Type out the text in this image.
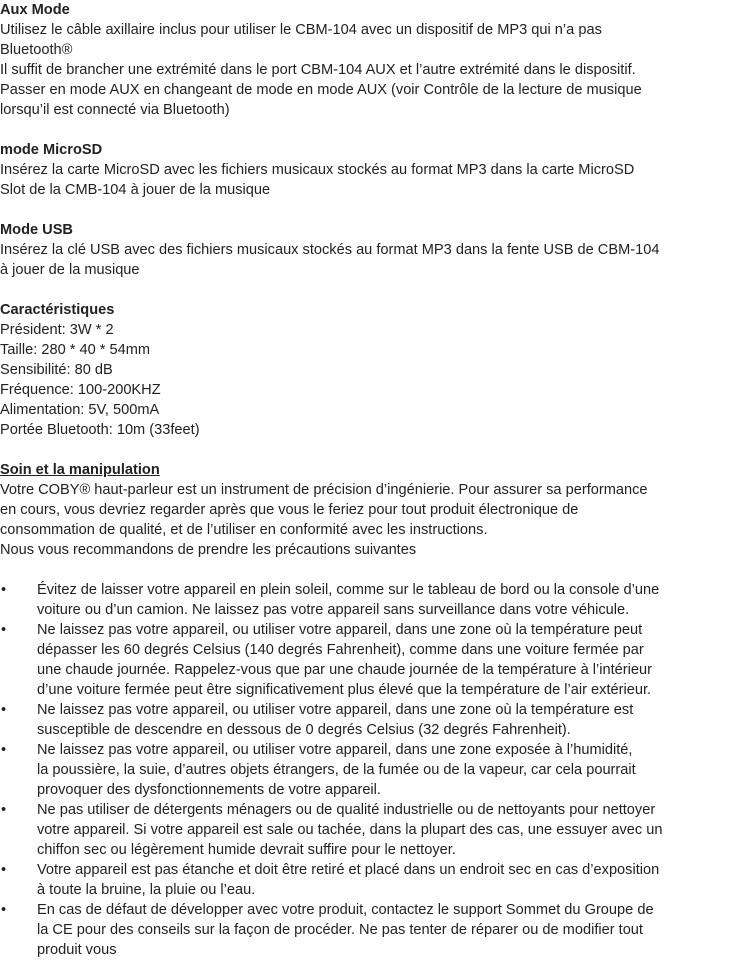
Aux Mode

Utilisez le câble axillaire inclus pour utiliser le CBM-104 avec un dispositif de MP3 qui n’a pas

Bluetooth®

Il suffit de brancher une extrémité dans le port CBM-104 AUX et l’autre extrémité dans le dispositif.

Passer en mode AUX en changeant de mode en mode AUX (voir Contrôle de la lecture de musique

lorsqu’il est connecté via Bluetooth)

mode MicroSD

Insérez la carte MicroSD avec les fichiers musicaux stockés au format MP3 dans la carte MicroSD

Slot de la CMB-104 à jouer de la musique

Mode USB

Insérez la clé USB avec des fichiers musicaux stockés au format MP3 dans la fente USB de CBM-104

à jouer de la musique

Caractéristiques

Président: 3W * 2

Taille: 280 * 40 * 54mm

Sensibilité: 80 dB

Fréquence: 100-200KHZ

Alimentation: 5V, 500mA

Portée Bluetooth: 10m (33feet)

Soin et la manipulation

Votre COBY® haut-parleur est un instrument de précision d’ingénierie. Pour assurer sa performance

en cours, vous devriez regarder après que vous le feriez pour tout produit électronique de

consommation de qualité, et de l’utiliser en conformité avec les instructions.

Nous vous recommandons de prendre les précautions suivantes

• Évitez de laisser votre appareil en plein soleil, comme sur le tableau de bord ou la console d’une
voiture ou d’un camion. Ne laissez pas votre appareil sans surveillance dans votre véhicule.
• Ne laissez pas votre appareil, ou utiliser votre appareil, dans une zone où la température peut
dépasser les 60 degrés Celsius (140 degrés Fahrenheit), comme dans une voiture fermée par
une chaude journée. Rappelez-vous que par une chaude journée de la température à l’intérieur
d’une voiture fermée peut être significativement plus élevé que la température de l’air extérieur.
• Ne laissez pas votre appareil, ou utiliser votre appareil, dans une zone où la température est
susceptible de descendre en dessous de 0 degrés Celsius (32 degrés Fahrenheit).
• Ne laissez pas votre appareil, ou utiliser votre appareil, dans une zone exposée à l’humidité,
la poussière, la suie, d’autres objets étrangers, de la fumée ou de la vapeur, car cela pourrait
provoquer des dysfonctionnements de votre appareil.
• Ne pas utiliser de détergents ménagers ou de qualité industrielle ou de nettoyants pour nettoyer
votre appareil. Si votre appareil est sale ou tachée, dans la plupart des cas, une essuyer avec un
chiffon sec ou légèrement humide devrait suffire pour le nettoyer.
• Votre appareil est pas étanche et doit être retiré et placé dans un endroit sec en cas d’exposition
à toute la bruine, la pluie ou l’eau.
• En cas de défaut de développer avec votre produit, contactez le support Sommet du Groupe de
la CE pour des conseils sur la façon de procéder. Ne pas tenter de réparer ou de modifier tout
produit vous
